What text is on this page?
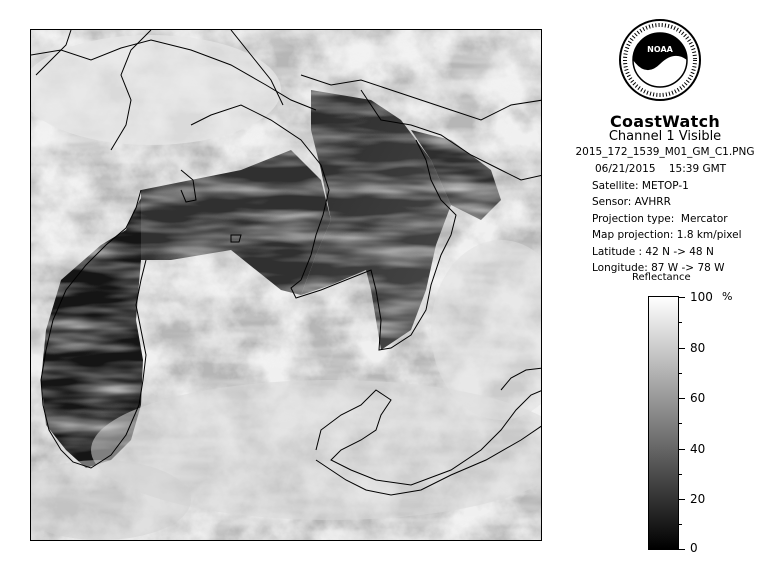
NOAA
CoastWatch
Channel 1 Visible
2015_172_1539_M01_GM_C1.PNG
06/21/2015    15:39 GMT
Satellite: METOP-1
Sensor: AVHRR
Projection type:  Mercator
Map projection: 1.8 km/pixel
Latitude : 42 N -> 48 N
Longitude: 87 W -> 78 W
Reflectance
%
100
80
60
40
20
0
